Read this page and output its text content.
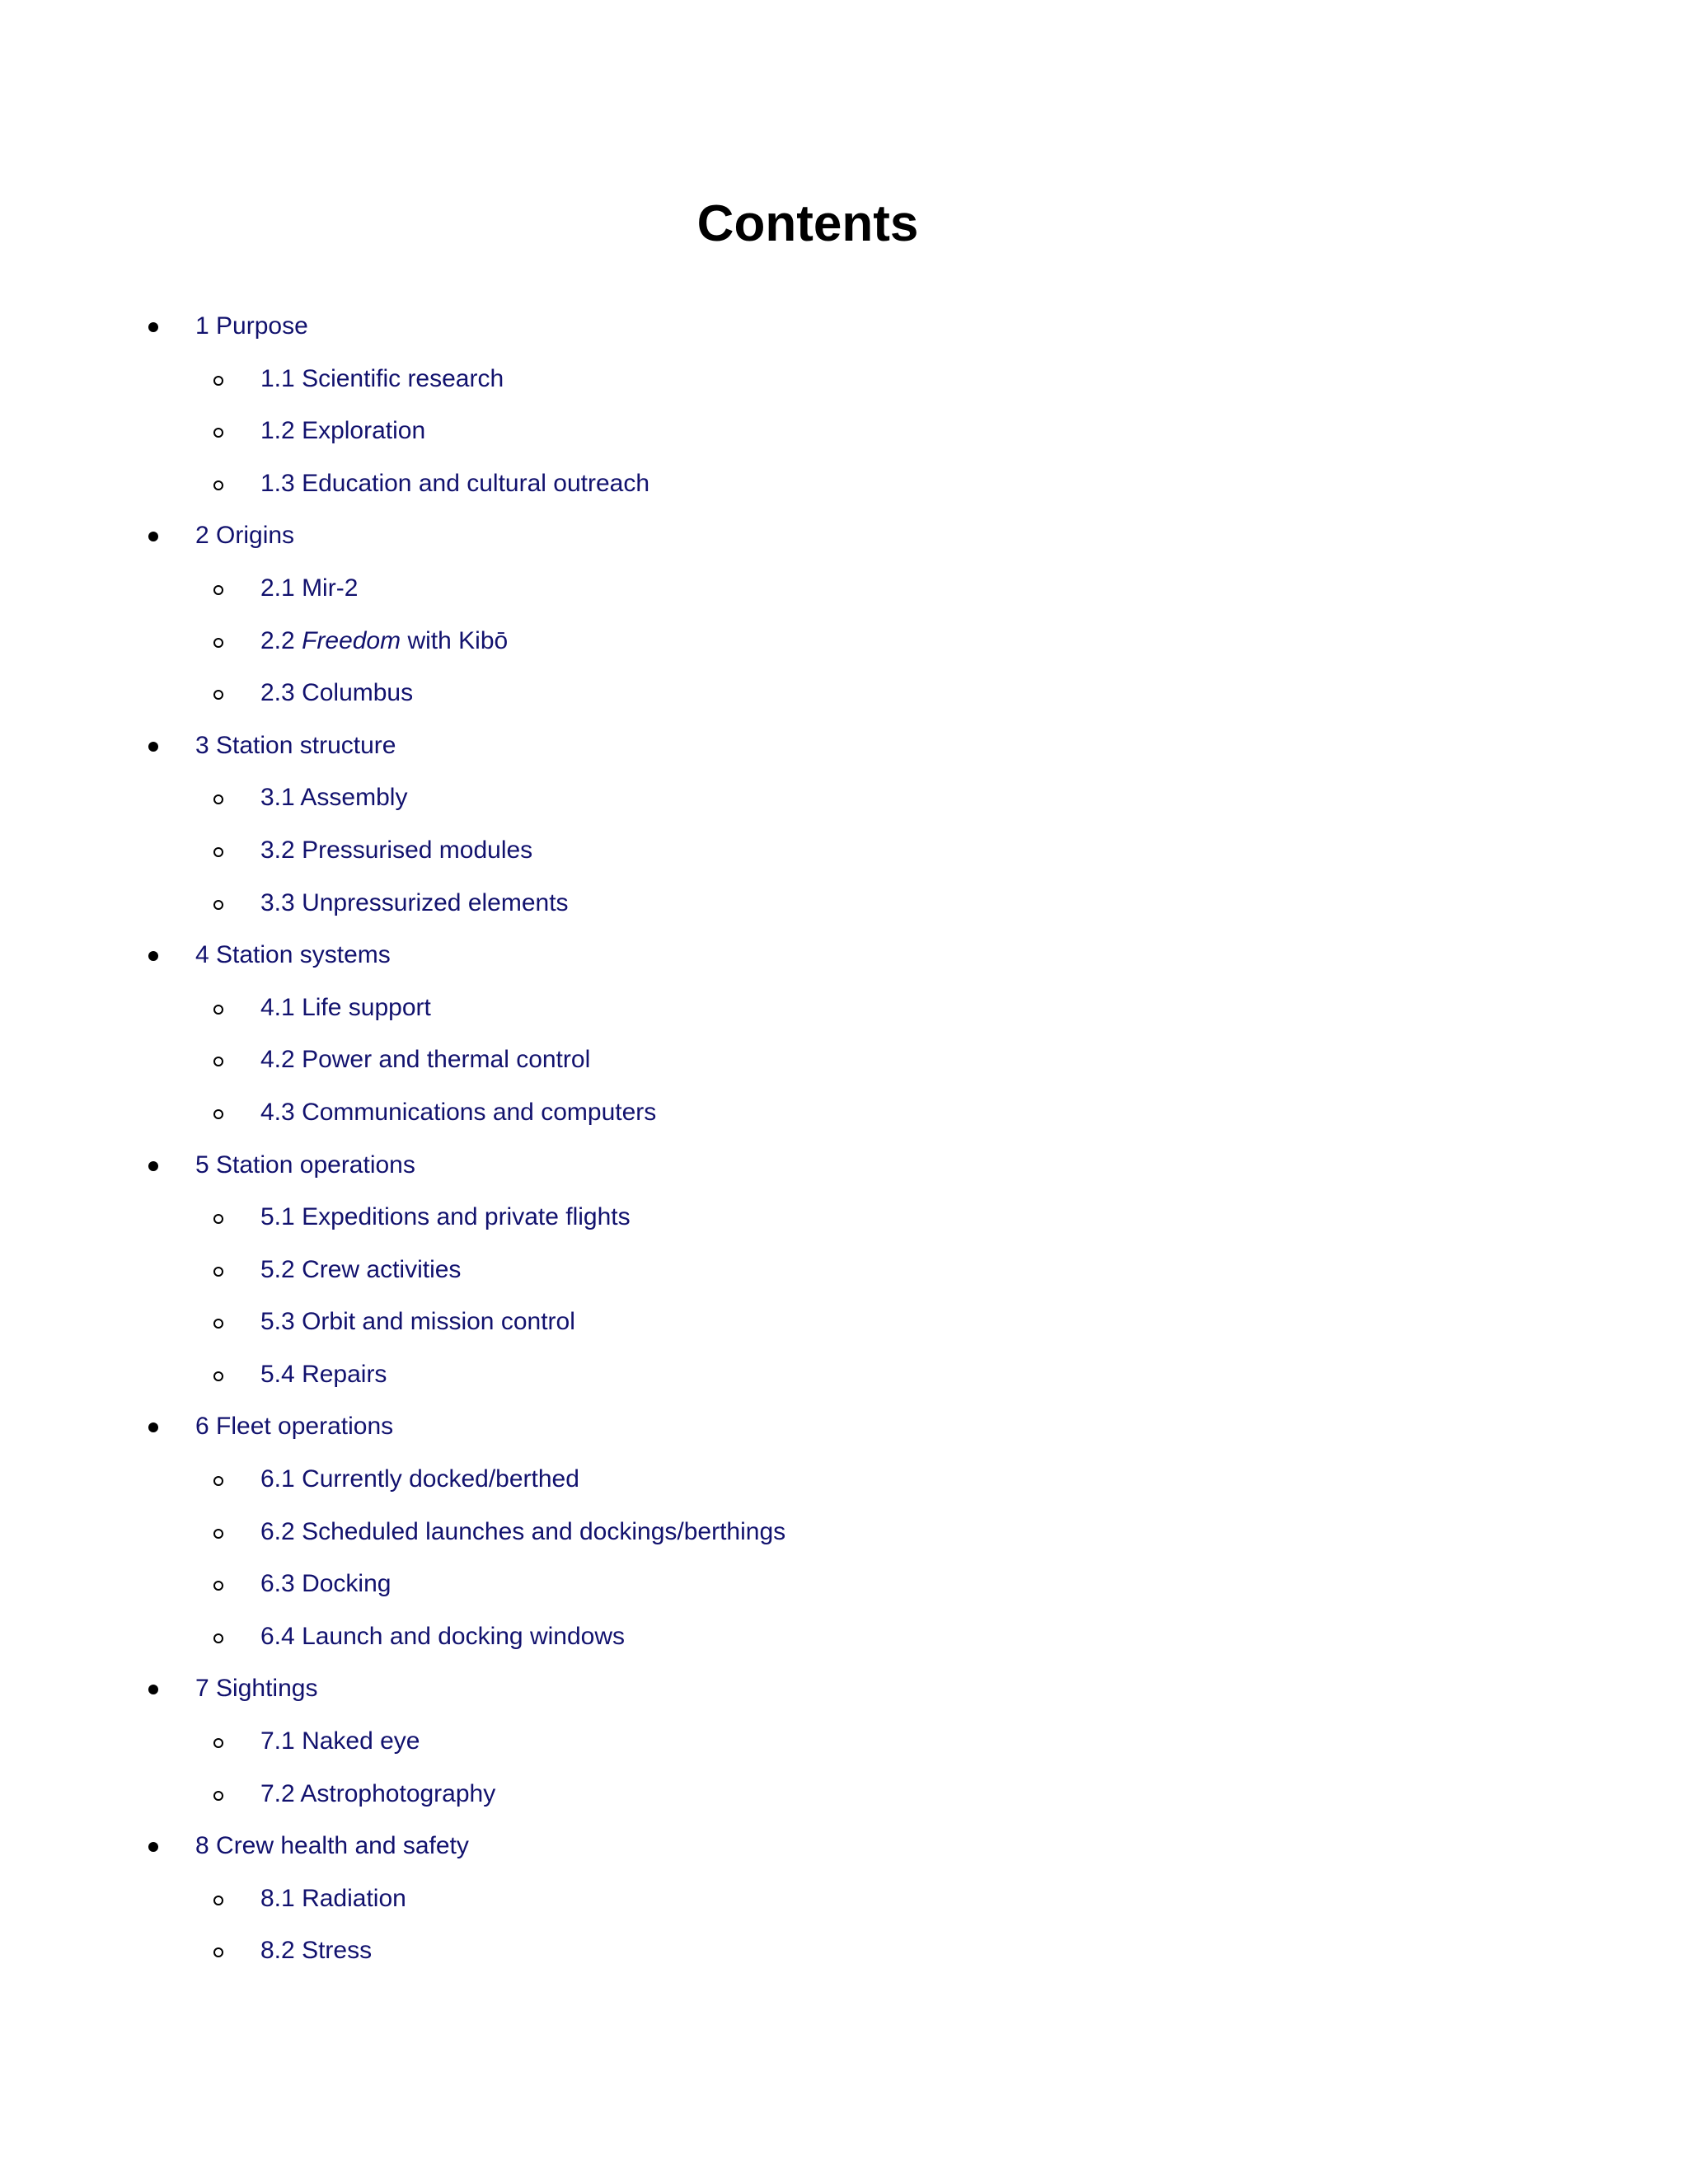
Contents
1 Purpose
1.1 Scientific research
1.2 Exploration
1.3 Education and cultural outreach
2 Origins
2.1 Mir-2
2.2 Freedom with Kibō
2.3 Columbus
3 Station structure
3.1 Assembly
3.2 Pressurised modules
3.3 Unpressurized elements
4 Station systems
4.1 Life support
4.2 Power and thermal control
4.3 Communications and computers
5 Station operations
5.1 Expeditions and private flights
5.2 Crew activities
5.3 Orbit and mission control
5.4 Repairs
6 Fleet operations
6.1 Currently docked/berthed
6.2 Scheduled launches and dockings/berthings
6.3 Docking
6.4 Launch and docking windows
7 Sightings
7.1 Naked eye
7.2 Astrophotography
8 Crew health and safety
8.1 Radiation
8.2 Stress
